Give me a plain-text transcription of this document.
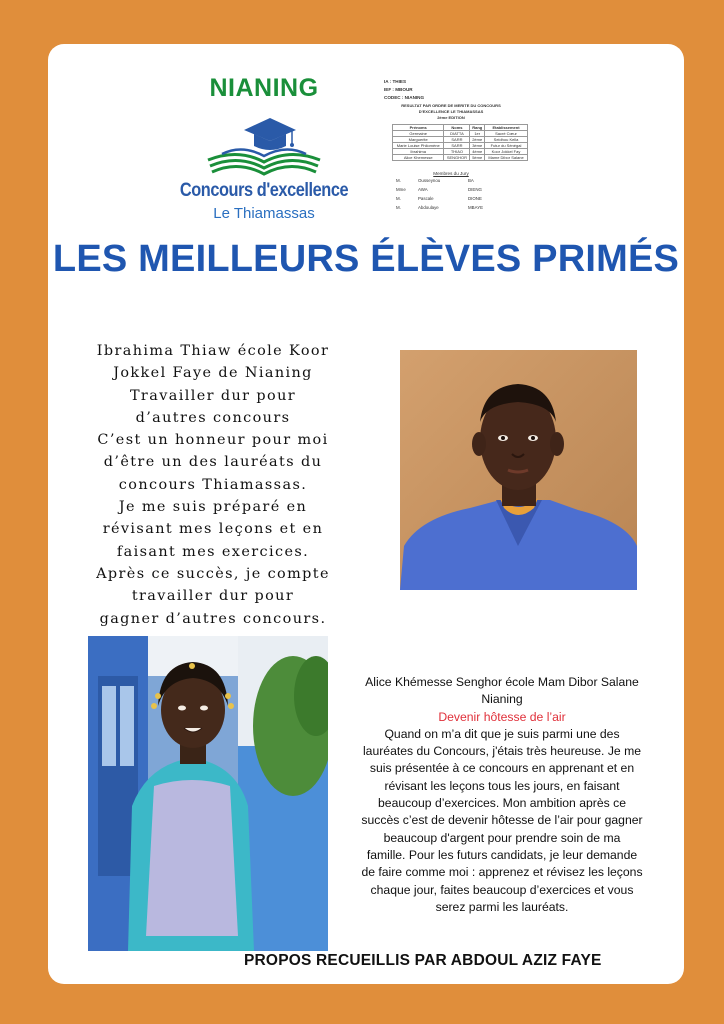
NIANING
Concours d'excellence
Le Thiamassas
IA : THIES
IEF : MBOUR
CODEC : NIANING
RESULTAT PAR ORDRE DE MERITE DU CONCOURS
D'EXCELLENCE LE THIAMASSAS
2ème EDITION
Prénoms	Noms	Rang	Etablissement
Germaine	DIATTA	1er	Sacré Cœur
Marguerite	SARR	2ème	Seidhou Kella
Marie Louise Philomène	SARR	3ème	Futur du Sénégal
Ibrahima	THIAO	4ème	Koor Jokkel Fay
Alice Khemesse	SENGHOR	5ème	Mame Dibor Salane
Membres du Jury
M.	Ousseynou	BA
Mme	AWA	DIENG
M.	Pascale	DIONE
M.	Abdoulaye	MBAYE
LES MEILLEURS ÉLÈVES PRIMÉS
Ibrahima Thiaw école Koor
Jokkel Faye de Nianing
Travailler dur pour
d’autres concours
C’est un honneur pour moi
d’être un des lauréats du
concours Thiamassas.
Je me suis préparé en
révisant mes leçons et en
faisant mes exercices.
Après ce succès, je compte
travailler dur pour
gagner d’autres concours.
Alice Khémesse Senghor école Mam Dibor Salane
Nianing
Devenir hôtesse de l’air
Quand on m’a dit que je suis parmi une des
lauréates du Concours, j'étais très heureuse. Je me
suis présentée à ce concours en apprenant et en
révisant les leçons tous les jours, en faisant
beaucoup d’exercices. Mon ambition après ce
succès c’est de devenir hôtesse de l’air pour gagner
beaucoup d'argent pour prendre soin de ma
famille. Pour les futurs candidats, je leur demande
de faire comme moi : apprenez et révisez les leçons
chaque jour, faites beaucoup d’exercices et vous
serez parmi les lauréats.
PROPOS RECUEILLIS PAR ABDOUL AZIZ FAYE
